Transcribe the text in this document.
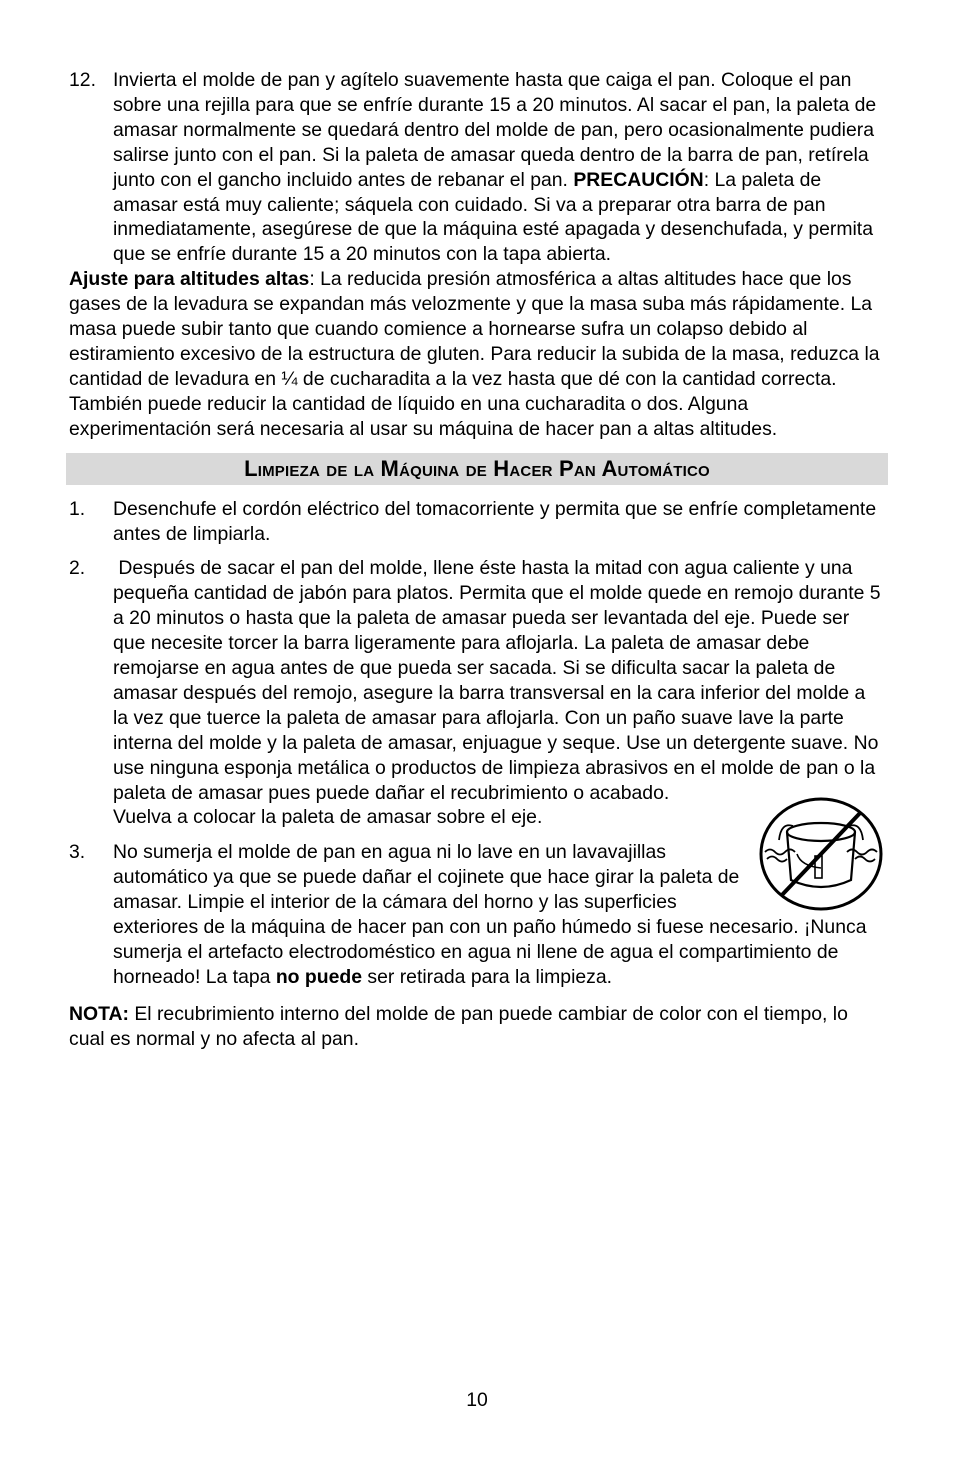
12. Invierta el molde de pan y agítelo suavemente hasta que caiga el pan. Coloque el pan sobre una rejilla para que se enfríe durante 15 a 20 minutos. Al sacar el pan, la paleta de amasar normalmente se quedará dentro del molde de pan, pero ocasionalmente pudiera salirse junto con el pan. Si la paleta de amasar queda dentro de la barra de pan, retírela junto con el gancho incluido antes de rebanar el pan. PRECAUCIÓN: La paleta de amasar está muy caliente; sáquela con cuidado. Si va a preparar otra barra de pan inmediatamente, asegúrese de que la máquina esté apagada y desenchufada, y permita que se enfríe durante 15 a 20 minutos con la tapa abierta.

Ajuste para altitudes altas: La reducida presión atmosférica a altas altitudes hace que los gases de la levadura se expandan más velozmente y que la masa suba más rápidamente. La masa puede subir tanto que cuando comience a hornearse sufra un colapso debido al estiramiento excesivo de la estructura de gluten. Para reducir la subida de la masa, reduzca la cantidad de levadura en ¼ de cucharadita a la vez hasta que dé con la cantidad correcta. También puede reducir la cantidad de líquido en una cucharadita o dos. Alguna experimentación será necesaria al usar su máquina de hacer pan a altas altitudes.

Limpieza de la Máquina de Hacer Pan Automático
1.	Desenchufe el cordón eléctrico del tomacorriente y permita que se enfríe completamente antes de limpiarla.
2.	Después de sacar el pan del molde, llene éste hasta la mitad con agua caliente y una pequeña cantidad de jabón para platos. Permita que el molde quede en remojo durante 5 a 20 minutos o hasta que la paleta de amasar pueda ser levantada del eje. Puede ser que necesite torcer la barra ligeramente para aflojarla. La paleta de amasar debe remojarse en agua antes de que pueda ser sacada. Si se dificulta sacar la paleta de amasar después del remojo, asegure la barra transversal en la cara inferior del molde a la vez que tuerce la paleta de amasar para aflojarla. Con un paño suave lave la parte interna del molde y la paleta de amasar, enjuague y seque. Use un detergente suave. No use ninguna esponja metálica o productos de limpieza abrasivos en el molde de pan o la paleta de amasar pues puede dañar el recubrimiento o acabado.
Vuelva a colocar la paleta de amasar sobre el eje.
3.	No sumerja el molde de pan en agua ni lo lave en un lavavajillas automático ya que se puede dañar el cojinete que hace girar la paleta de amasar. Limpie el interior de la cámara del horno y las superficies exteriores de la máquina de hacer pan con un paño húmedo si fuese necesario. ¡Nunca sumerja el artefacto electrodoméstico en agua ni llene de agua el compartimiento de horneado! La tapa no puede ser retirada para la limpieza.

NOTA: El recubrimiento interno del molde de pan puede cambiar de color con el tiempo, lo cual es normal y no afecta al pan.

10
